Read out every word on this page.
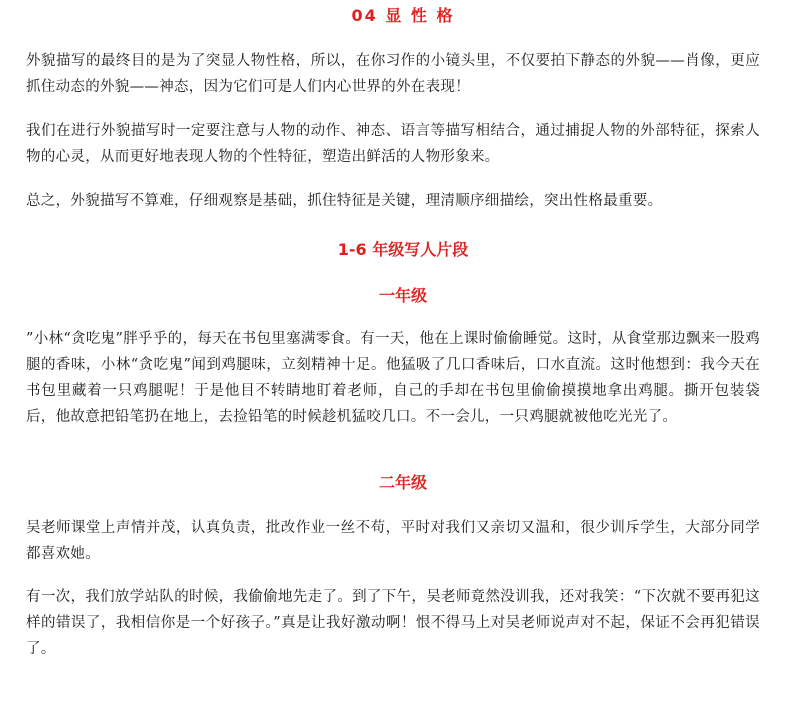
04 显 性 格

外貌描写的最终目的是为了突显人物性格，所以，在你习作的小镜头里，不仅要拍下静态的外貌——肖像，更应抓住动态的外貌——神态，因为它们可是人们内心世界的外在表现！

我们在进行外貌描写时一定要注意与人物的动作、神态、语言等描写相结合，通过捕捉人物的外部特征，探索人物的心灵，从而更好地表现人物的个性特征，塑造出鲜活的人物形象来。

总之，外貌描写不算难，仔细观察是基础，抓住特征是关键，理清顺序细描绘，突出性格最重要。

1-6 年级写人片段
一年级

”小林“贪吃鬼”胖乎乎的，每天在书包里塞满零食。有一天，他在上课时偷偷睡觉。这时，从食堂那边飘来一股鸡腿的香味，小林“贪吃鬼”闻到鸡腿味，立刻精神十足。他猛吸了几口香味后，口水直流。这时他想到：我今天在书包里藏着一只鸡腿呢！于是他目不转睛地盯着老师，自己的手却在书包里偷偷摸摸地拿出鸡腿。撕开包装袋后，他故意把铅笔扔在地上，去捡铅笔的时候趁机猛咬几口。不一会儿，一只鸡腿就被他吃光光了。

二年级

吴老师课堂上声情并茂，认真负责，批改作业一丝不苟，平时对我们又亲切又温和，很少训斥学生，大部分同学都喜欢她。

有一次，我们放学站队的时候，我偷偷地先走了。到了下午，吴老师竟然没训我，还对我笑：“下次就不要再犯这样的错误了，我相信你是一个好孩子。”真是让我好激动啊！恨不得马上对吴老师说声对不起，保证不会再犯错误了。
